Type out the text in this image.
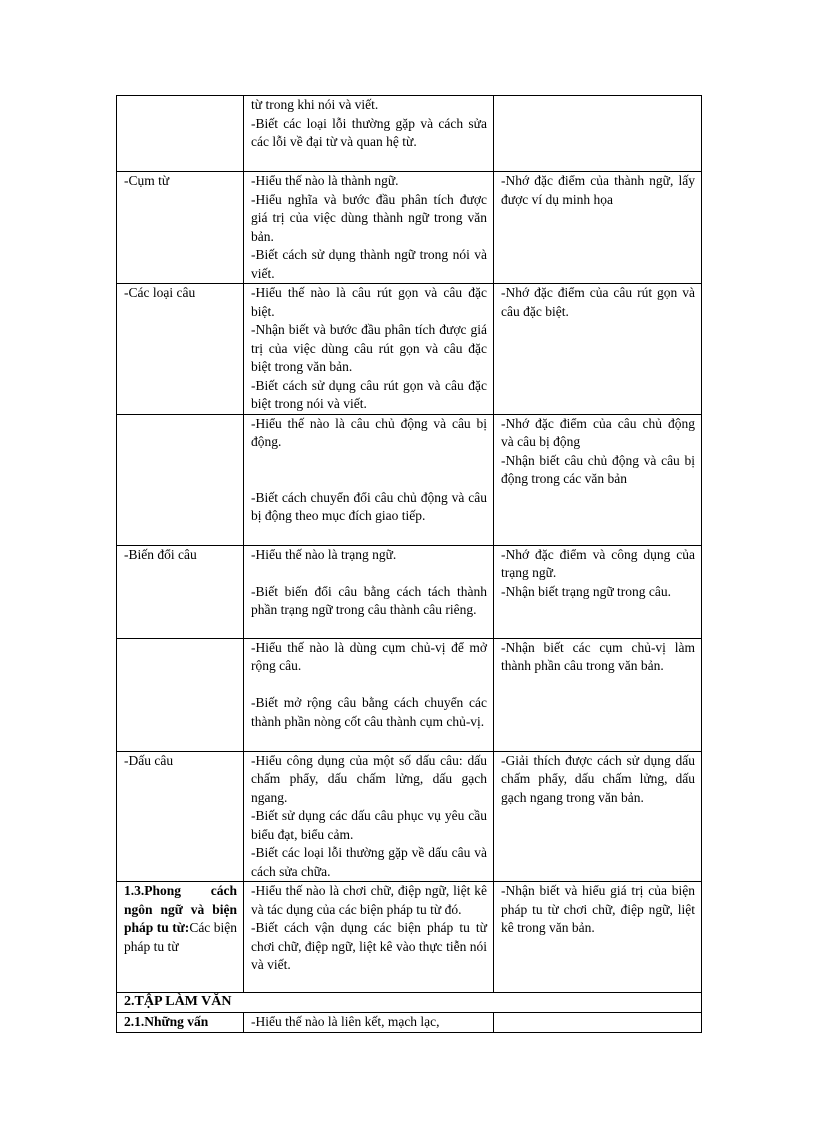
	từ trong khi nói và viết.
-Biết các loại lỗi thường gặp và cách sửa các lỗi về đại từ và quan hệ từ.	

-Cụm từ	-Hiểu thế nào là thành ngữ.
-Hiểu nghĩa và bước đầu phân tích được giá trị của việc dùng thành ngữ trong văn bản.
-Biết cách sử dụng thành ngữ trong nói và viết.	-Nhớ đặc điểm của thành ngữ, lấy được ví dụ minh họa

-Các loại câu	-Hiểu thế nào là câu rút gọn và câu đặc biệt.
-Nhận biết và bước đầu phân tích được giá trị của việc dùng câu rút gọn và câu đặc biệt trong văn bản.
-Biết cách sử dụng câu rút gọn và câu đặc biệt trong nói và viết.	-Nhớ đặc điểm của câu rút gọn và câu đặc biệt.

	-Hiểu thế nào là câu chủ động và câu bị động.
-Biết cách chuyển đổi câu chủ động và câu bị động theo mục đích giao tiếp.	-Nhớ đặc điểm của câu chủ động và câu bị động
-Nhận biết câu chủ động và câu bị động trong các văn bản

-Biến đổi câu	-Hiểu thế nào là trạng ngữ.
-Biết biến đổi câu bằng cách tách thành phần trạng ngữ trong câu thành câu riêng.	-Nhớ đặc điểm và công dụng của trạng ngữ.
-Nhận biết trạng ngữ trong câu.

	-Hiểu thế nào là dùng cụm chủ-vị để mở rộng câu.
-Biết mở rộng câu bằng cách chuyển các thành phần nòng cốt câu thành cụm chủ-vị.	-Nhận biết các cụm chủ-vị làm thành phần câu trong văn bản.

-Dấu câu	-Hiểu công dụng của một số dấu câu: dấu chấm phẩy, dấu chấm lửng, dấu gạch ngang.
-Biết sử dụng các dấu câu phục vụ yêu cầu biểu đạt, biểu cảm.
-Biết các loại lỗi thường gặp về dấu câu và cách sửa chữa.	-Giải thích được cách sử dụng dấu chấm phẩy, dấu chấm lửng, dấu gạch ngang trong văn bản.

1.3.Phong cách ngôn ngữ và biện pháp tu từ:Các biện pháp tu từ	-Hiểu thế nào là chơi chữ, điệp ngữ, liệt kê và tác dụng của các biện pháp tu từ đó.
-Biết cách vận dụng các biện pháp tu từ chơi chữ, điệp ngữ, liệt kê vào thực tiễn nói và viết.	-Nhận biết và hiểu giá trị của biện pháp tu từ chơi chữ, điệp ngữ, liệt kê trong văn bản.

2.TẬP LÀM VĂN		
2.1.Những vấn	-Hiểu thế nào là liên kết, mạch lạc,	
